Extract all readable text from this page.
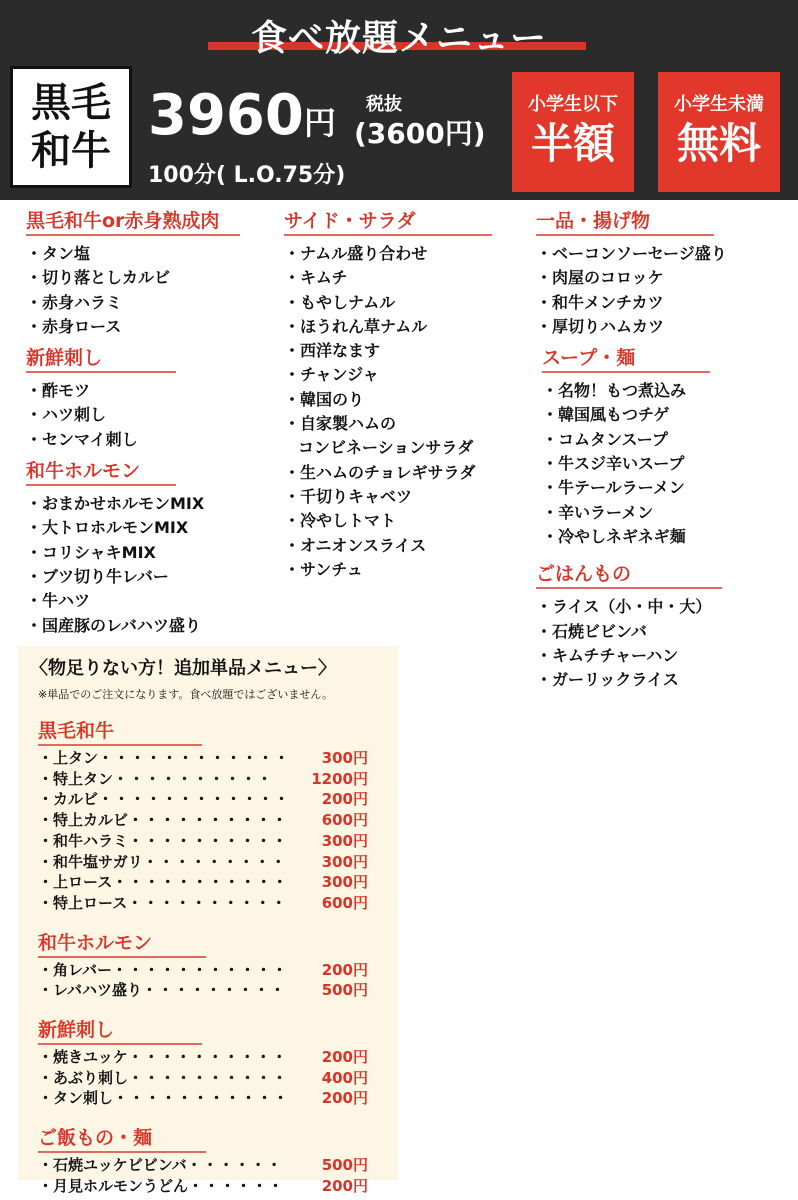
食べ放題メニュー
黒毛
和牛
3960円 税抜
(3600円)
100分( L.O.75分)
小学生以下
半額
小学生未満
無料
黒毛和牛or赤身熟成肉
・タン塩
・切り落としカルビ
・赤身ハラミ
・赤身ロース
新鮮刺し
・酢モツ
・ハツ刺し
・センマイ刺し
和牛ホルモン
・おまかせホルモンMIX
・大トロホルモンMIX
・コリシャキMIX
・ブツ切り牛レバー
・牛ハツ
・国産豚のレバハツ盛り
サイド・サラダ
・ナムル盛り合わせ
・キムチ
・もやしナムル
・ほうれん草ナムル
・西洋なます
・チャンジャ
・韓国のり
・自家製ハムの
コンビネーションサラダ
・生ハムのチョレギサラダ
・千切りキャベツ
・冷やしトマト
・オニオンスライス
・サンチュ
一品・揚げ物
・ベーコンソーセージ盛り
・肉屋のコロッケ
・和牛メンチカツ
・厚切りハムカツ
スープ・麺
・名物！もつ煮込み
・韓国風もつチゲ
・コムタンスープ
・牛スジ辛いスープ
・牛テールラーメン
・辛いラーメン
・冷やしネギネギ麺
ごはんもの
・ライス（小・中・大）
・石焼ビビンバ
・キムチチャーハン
・ガーリックライス
〈物足りない方！追加単品メニュー〉
※単品でのご注文になります。食べ放題ではございません。
黒毛和牛
・上タン・・・・・・・・・・・・ 300円
・特上タン・・・・・・・・・・	1200円
・カルビ・・・・・・・・・・・・ 200円
・特上カルビ・・・・・・・・・・ 600円
・和牛ハラミ・・・・・・・・・・ 300円
・和牛塩サガリ・・・・・・・・・ 300円
・上ロース・・・・・・・・・・・ 300円
・特上ロース・・・・・・・・・・ 600円
和牛ホルモン
・角レバー・・・・・・・・・・・ 200円
・レバハツ盛り・・・・・・・・・ 500円
新鮮刺し
・焼きユッケ・・・・・・・・・・ 200円
・あぶり刺し・・・・・・・・・・ 400円
・タン刺し・・・・・・・・・・・ 200円
ご飯もの・麺
・石焼ユッケビビンバ・・・・・・	500円
・月見ホルモンうどん・・・・・・	200円
